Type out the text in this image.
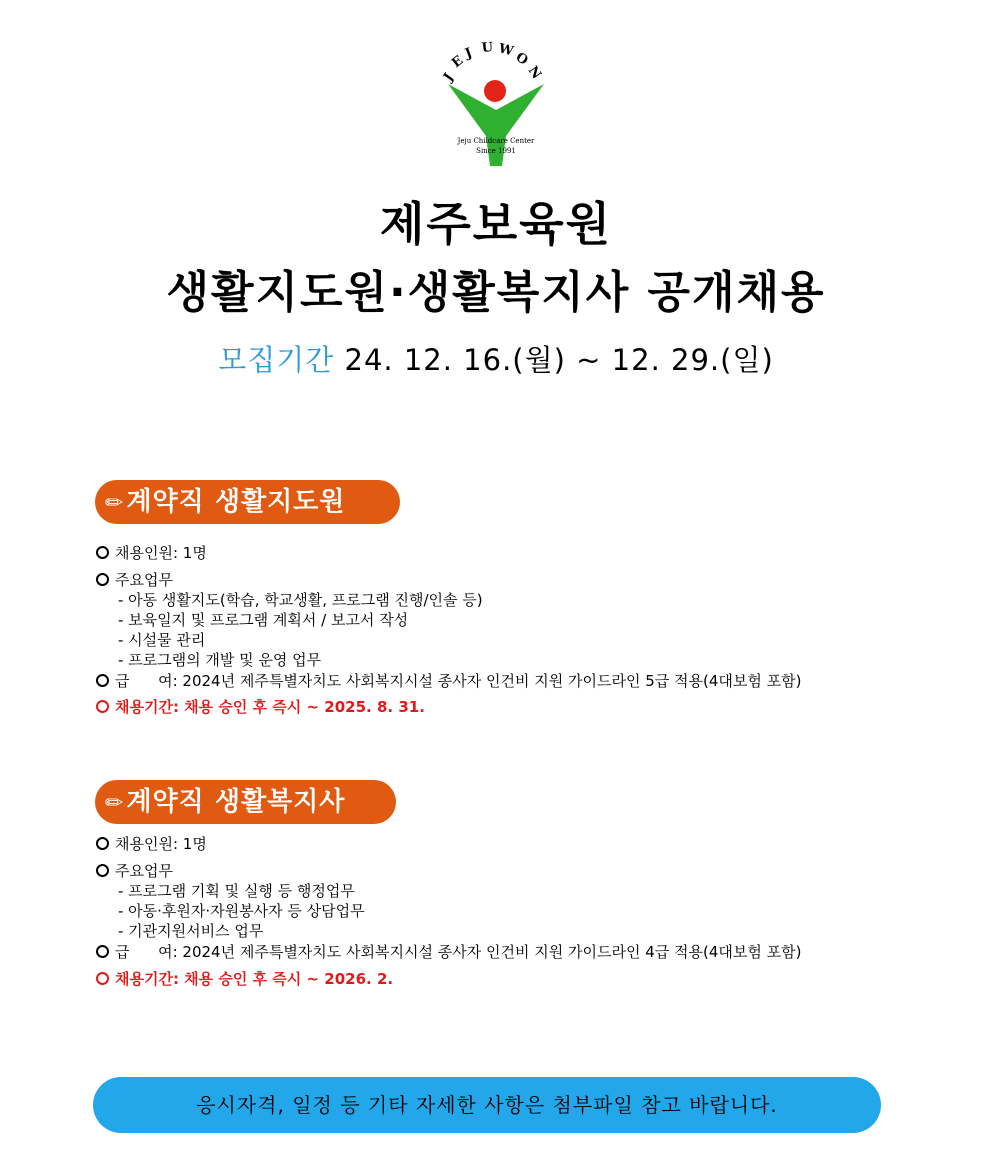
J
E
J U W
O
N
Jeju Childcare Center
Since 1991
제주보육원
생활지도원·생활복지사 공개채용
모집기간 24. 12. 16.(월) ~ 12. 29.(일)
✏계약직 생활지도원
채용인원: 1명
주요업무
- 아동 생활지도(학습, 학교생활, 프로그램 진행/인솔 등)
- 보육일지 및 프로그램 계획서 / 보고서 작성
- 시설물 관리
- 프로그램의 개발 및 운영 업무
급      여: 2024년 제주특별자치도 사회복지시설 종사자 인건비 지원 가이드라인 5급 적용(4대보험 포함)
채용기간: 채용 승인 후 즉시 ~ 2025. 8. 31.
✏계약직 생활복지사
채용인원: 1명
주요업무
- 프로그램 기획 및 실행 등 행정업무
- 아동·후원자·자원봉사자 등 상담업무
- 기관지원서비스 업무
급      여: 2024년 제주특별자치도 사회복지시설 종사자 인건비 지원 가이드라인 4급 적용(4대보험 포함)
채용기간: 채용 승인 후 즉시 ~ 2026. 2.
응시자격, 일정 등 기타 자세한 사항은 첨부파일 참고 바랍니다.
